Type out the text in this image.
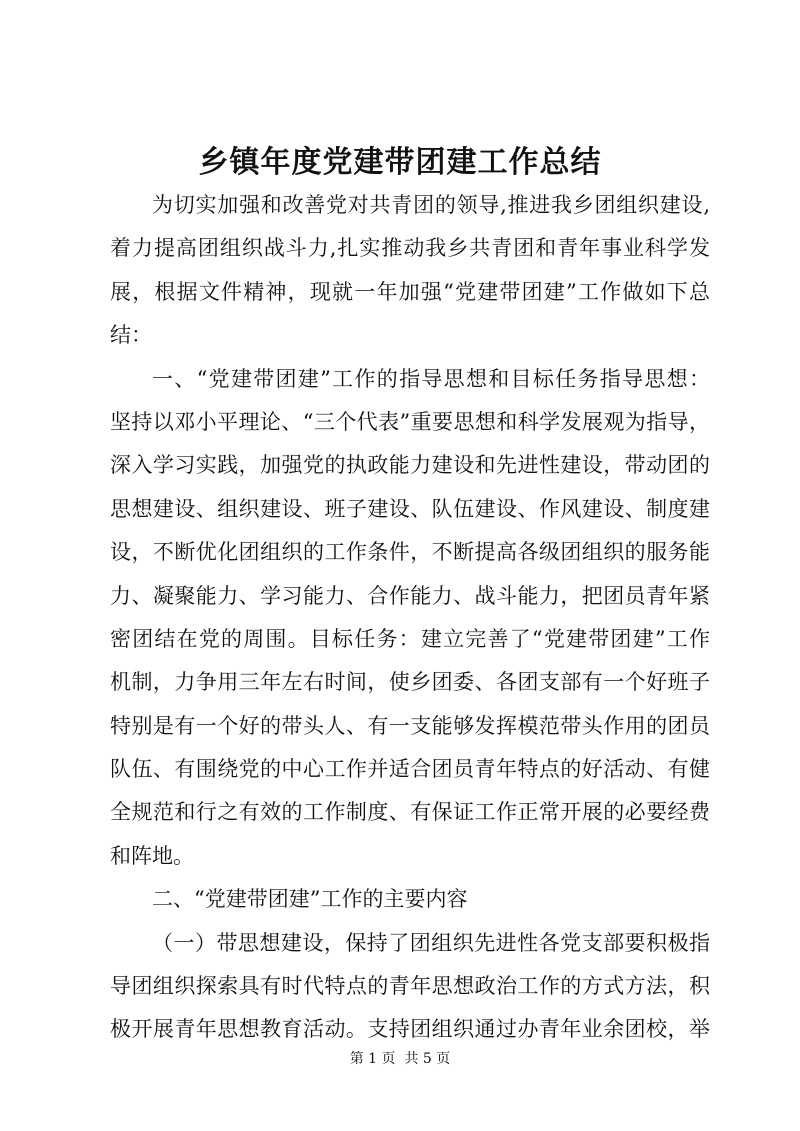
乡镇年度党建带团建工作总结
为切实加强和改善党对共青团的领导,推进我乡团组织建设,
着力提高团组织战斗力,扎实推动我乡共青团和青年事业科学发
展，根据文件精神，现就一年加强“党建带团建”工作做如下总
结：
一、“党建带团建”工作的指导思想和目标任务指导思想：
坚持以邓小平理论、“三个代表”重要思想和科学发展观为指导，
深入学习实践，加强党的执政能力建设和先进性建设，带动团的
思想建设、组织建设、班子建设、队伍建设、作风建设、制度建
设，不断优化团组织的工作条件，不断提高各级团组织的服务能
力、凝聚能力、学习能力、合作能力、战斗能力，把团员青年紧
密团结在党的周围。目标任务：建立完善了“党建带团建”工作
机制，力争用三年左右时间，使乡团委、各团支部有一个好班子
特别是有一个好的带头人、有一支能够发挥模范带头作用的团员
队伍、有围绕党的中心工作并适合团员青年特点的好活动、有健
全规范和行之有效的工作制度、有保证工作正常开展的必要经费
和阵地。
二、“党建带团建”工作的主要内容
（一）带思想建设，保持了团组织先进性各党支部要积极指
导团组织探索具有时代特点的青年思想政治工作的方式方法，积
极开展青年思想教育活动。支持团组织通过办青年业余团校，举
第 1 页  共 5 页
